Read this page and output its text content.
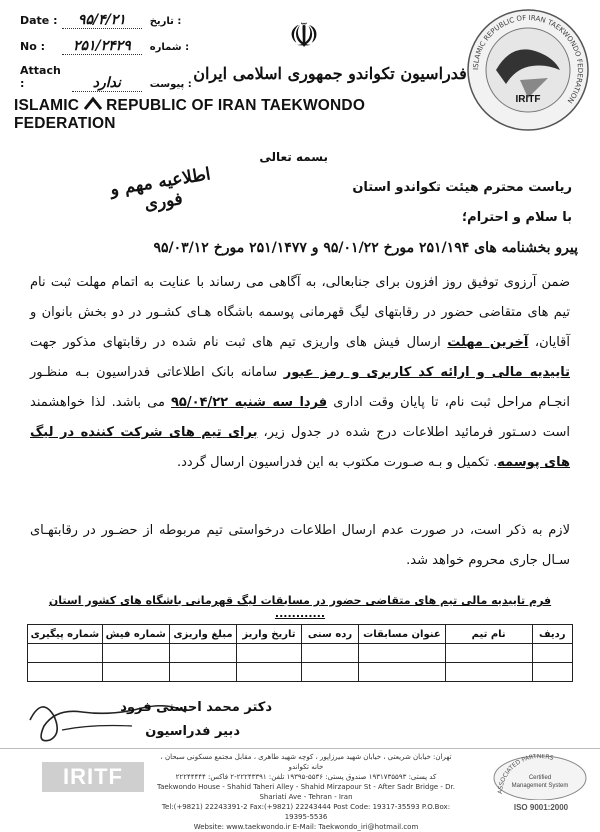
Date : ۹۵/۴/۲۱ تاریخ :
No : ۲۵۱/۲۴۲۹ شماره :
Attach :	ندارد	پیوست :
☫
فدراسیون تکواندو جمهوری اسلامی ایران
ISLAMIC REPUBLIC OF IRAN TAEKWONDO FEDERATION
ISLAMIC REPUBLIC OF IRAN TAEKWONDO FEDERATION
IRITF
بسمه تعالی
اطلاعیه مهم و فوری
ریاست محترم هیئت تکواندو استان
با سلام و احترام؛
پیرو بخشنامه های ۲۵۱/۱۹۴ مورخ ۹۵/۰۱/۲۲ و ۲۵۱/۱۴۷۷ مورخ ۹۵/۰۳/۱۲
ضمن آرزوی توفیق روز افزون برای جنابعالی، به آگاهی می رساند با عنایت به اتمام مهلت ثبت نام تیم های متقاضی حضور در رقابتهای لیگ قهرمانی پوسمه باشگاه هـای کشـور در دو بخش بانوان و آقایان، آخرین مهلت ارسال فیش های واریزی تیم های ثبت نام شده در رقابتهای مذکور جهت تاییدیه مالی و ارائه کد کاربری و رمز عبور سامانه بانک اطلاعاتی فدراسیون بـه منظـور انجـام مراحل ثبت نام، تا پایان وقت اداری فردا سه شنبه ۹۵/۰۴/۲۲ می باشد. لذا خواهشمند است دسـتور فرمائید اطلاعات درج شده در جدول زیر، برای تیم های شرکت کننده در لیگ های پوسمه. تکمیل و بـه صـورت مکتوب به این فدراسیون ارسال گردد.
لازم به ذکر است، در صورت عدم ارسال اطلاعات درخواستی تیم مربوطه از حضـور در رقابتهـای سـال جاری محروم خواهد شد.
فرم تاییدیه مالی تیم های متقاضی حضور در مسابقات لیگ قهرمانی باشگاه های کشور استان ............
ردیف	نام تیم	عنوان مسابقات	رده سنی	تاریخ واریز	مبلغ واریزی	شماره فیش	شماره پیگیری

دکتر محمد احسنی فرود
دبیر فدراسیون
IRITF
تهران: خیابان شریعتی ، خیابان شهید میرزاپور ، کوچه شهید طاهری ، مقابل مجتمع مسکونی سبحان ، خانه تکواندو
کد پستی: ۱۹۳۱۷۳۵۵۹۳ صندوق پستی: ۵۵۳۶-۱۹۳۹۵ تلفن: ۲۲۲۴۳۳۹۱-۲ فاکس: ۲۲۲۴۴۴۴۴
Taekwondo House - Shahid Taheri Alley - Shahid Mirzapour St - After Sadr Bridge - Dr. Shariati Ave - Tehran - Iran
Tel:(+9821) 22243391-2 Fax:(+9821) 22243444 Post Code: 19317-35593 P.O.Box: 19395-5536
Website: www.taekwondo.ir E-Mail: Taekwondo_iri@hotmail.com
ASSOCIATED PARTNERS
Certified
Management System
ISO 9001:2000
